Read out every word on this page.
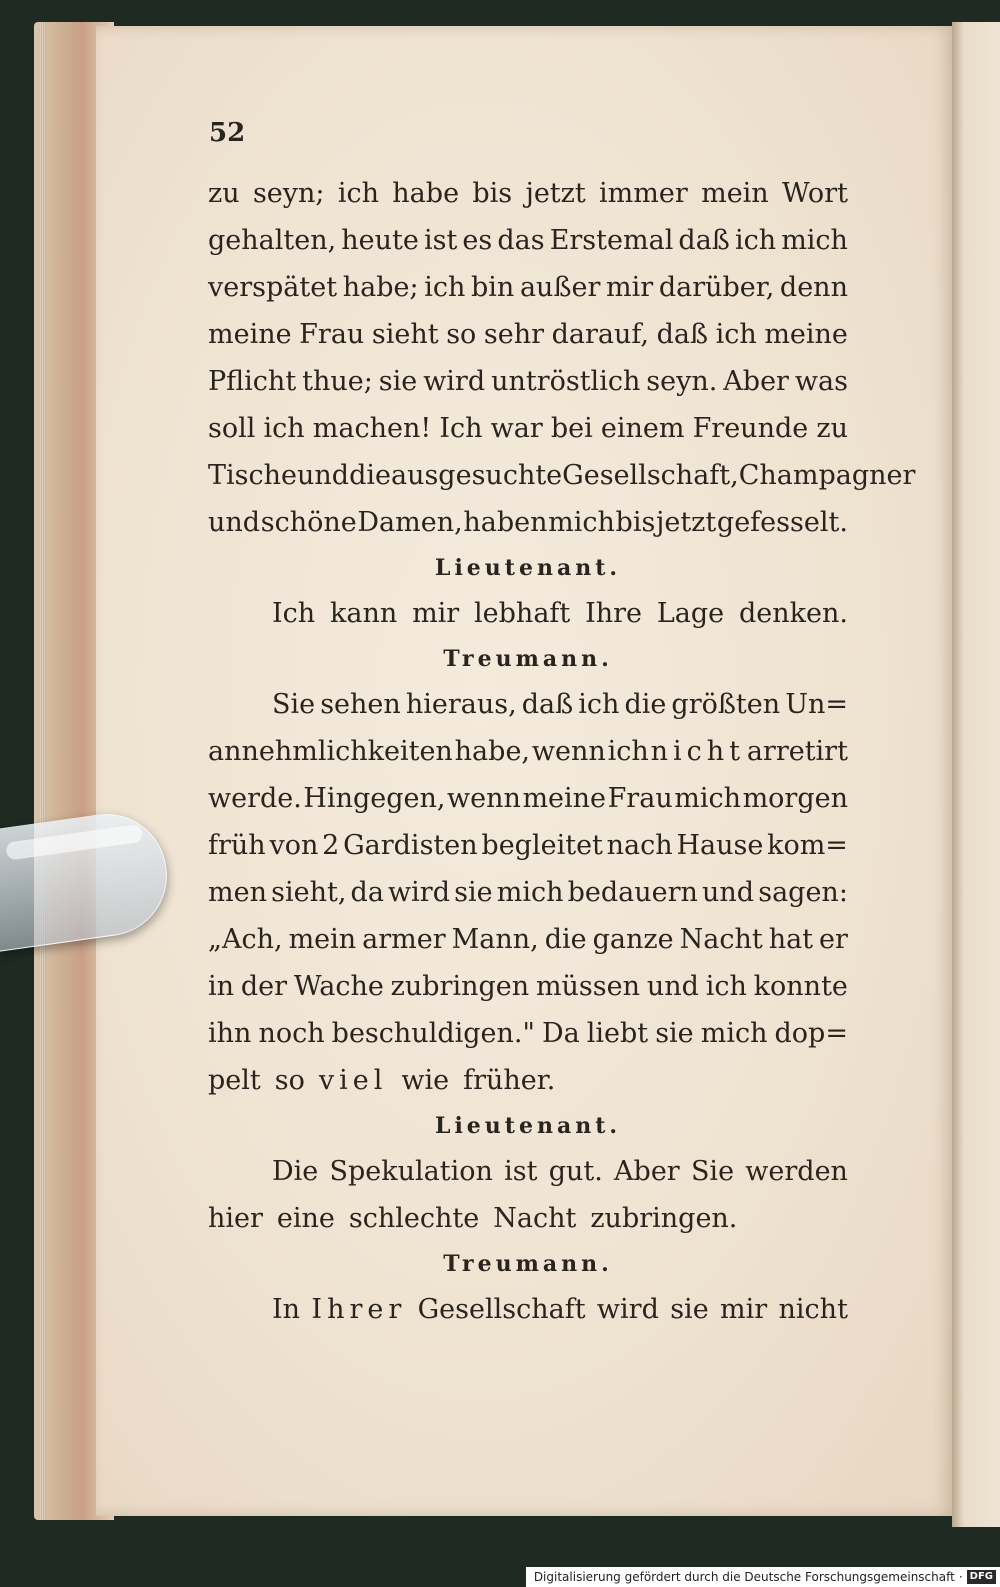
52
zu seyn; ich habe bis jetzt immer mein Wort
gehalten, heute ist es das Erstemal daß ich mich
verspätet habe; ich bin außer mir darüber, denn
meine Frau sieht so sehr darauf, daß ich meine
Pflicht thue; sie wird untröstlich seyn. Aber was
soll ich machen! Ich war bei einem Freunde zu
Tische und die ausgesuchte Gesellschaft, Champagner
und schöne Damen, haben mich bis jetzt gefesselt.
Lieutenant.
Ich kann mir lebhaft Ihre Lage denken.
Treumann.
Sie sehen hieraus, daß ich die größten Un=
annehmlichkeiten habe, wenn ich nicht arretirt
werde. Hingegen, wenn meine Frau mich morgen
früh von 2 Gardisten begleitet nach Hause kom=
men sieht, da wird sie mich bedauern und sagen:
„Ach, mein armer Mann, die ganze Nacht hat er
in der Wache zubringen müssen und ich konnte
ihn noch beschuldigen." Da liebt sie mich dop=
pelt so viel wie früher.
Lieutenant.
Die Spekulation ist gut. Aber Sie werden
hier eine schlechte Nacht zubringen.
Treumann.
In Ihrer Gesellschaft wird sie mir nicht
Digitalisierung gefördert durch die Deutsche Forschungsgemeinschaft · DFG
